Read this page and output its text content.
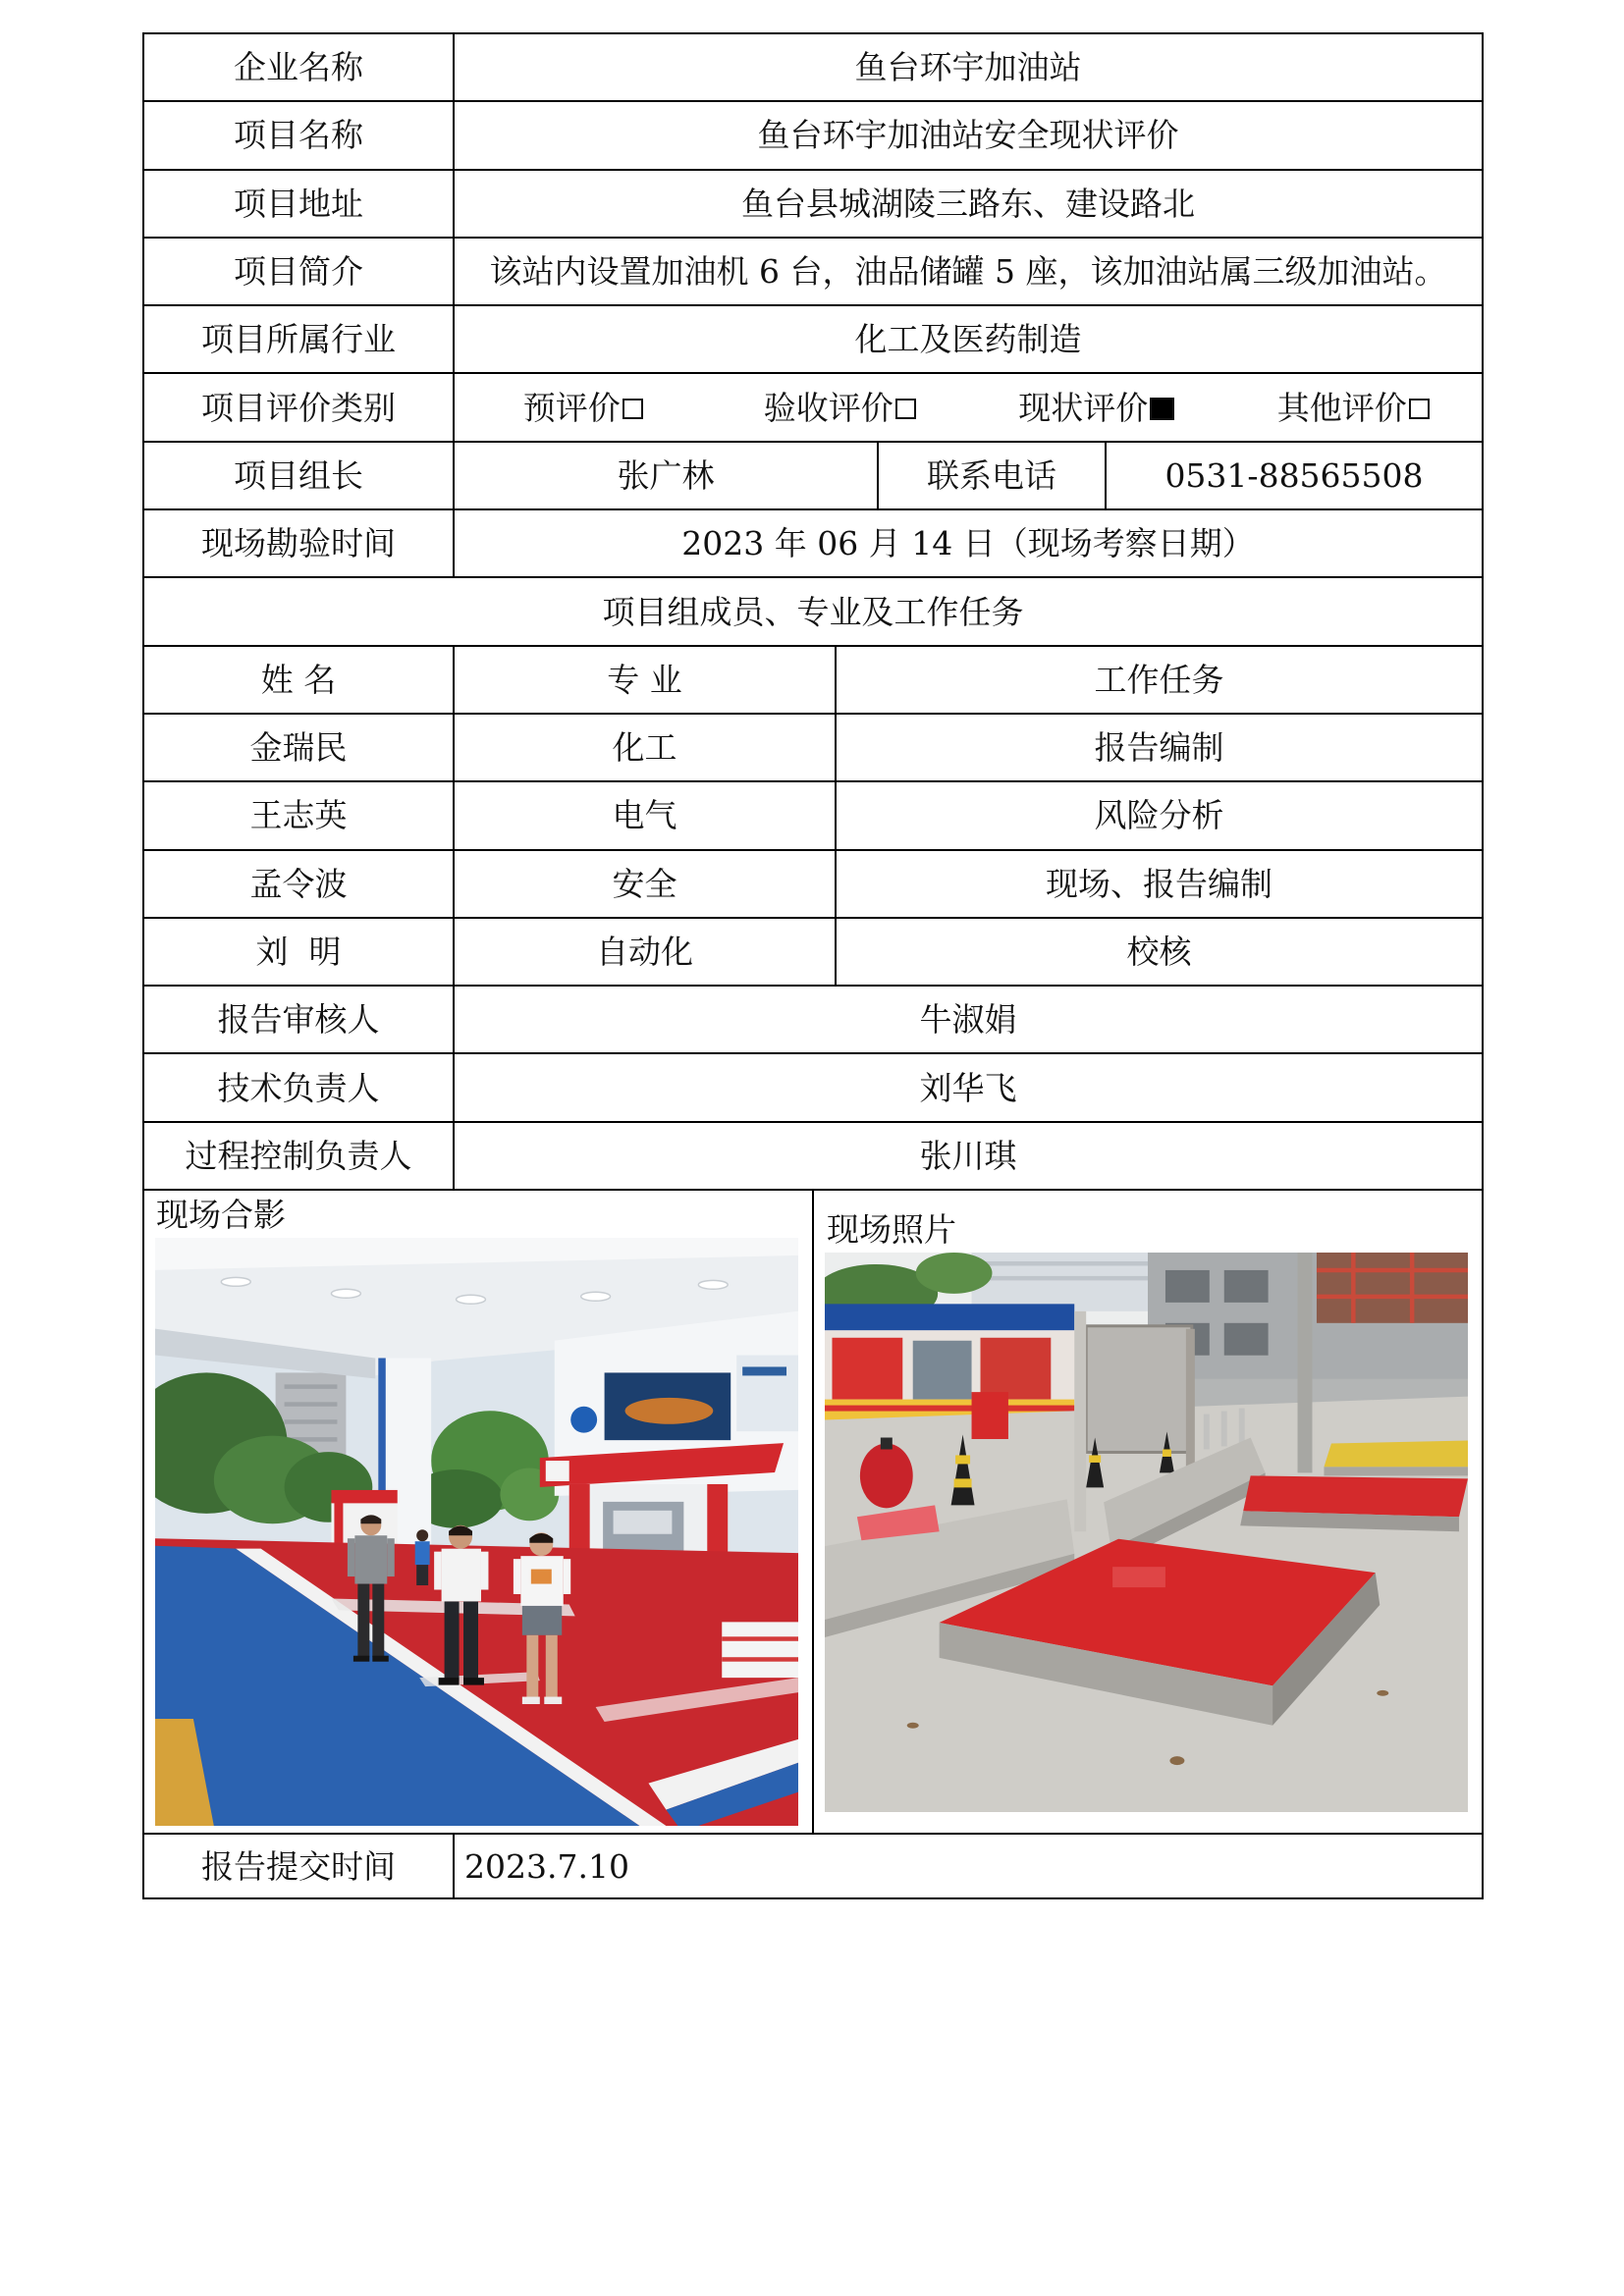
企业名称	鱼台环宇加油站
项目名称	鱼台环宇加油站安全现状评价
项目地址	鱼台县城湖陵三路东、建设路北
项目简介	该站内设置加油机 6 台，油品储罐 5 座，该加油站属三级加油站。
项目所属行业	化工及医药制造
项目评价类别	预评价	验收评价	现状评价	其他评价
项目组长	张广林	联系电话	0531-88565508
现场勘验时间	2023 年 06 月 14 日（现场考察日期）
项目组成员、专业及工作任务
姓 名	专 业	工作任务
金瑞民	化工	报告编制
王志英	电气	风险分析
孟令波	安全	现场、报告编制
刘  明	自动化	校核
报告审核人	牛淑娟
技术负责人	刘华飞
过程控制负责人	张川琪

现场合影

	现场照片

报告提交时间	2023.7.10
